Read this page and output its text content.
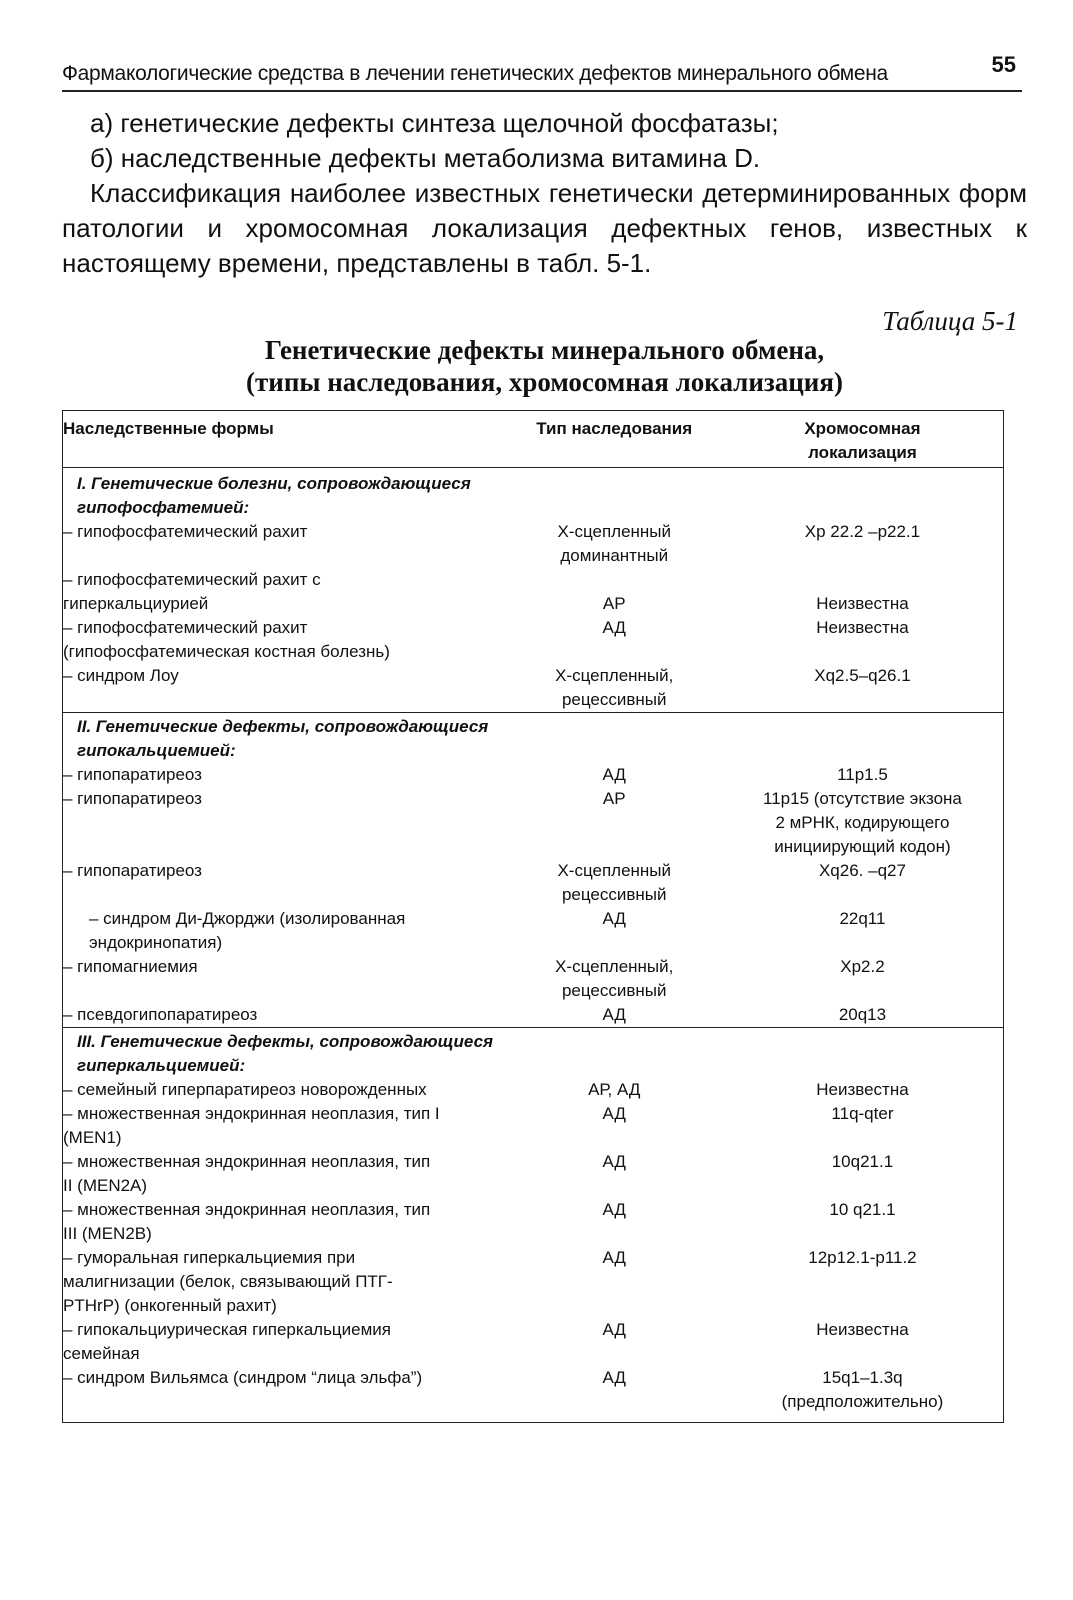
Фармакологические средства в лечении генетических дефектов минерального обмена	55

а) генетические дефекты синтеза щелочной фосфатазы;

б) наследственные дефекты метаболизма витамина D.

Классификация наиболее известных генетически детерминированных форм патологии и хромосомная локализация дефектных генов, известных к настоящему времени, представлены в табл. 5-1.

Таблица 5-1
Генетические дефекты минерального обмена,
(типы наследования, хромосомная локализация)
Наследственные формы	Тип наследования	Хромосомная локализация

I. Генетические болезни, сопровождающиеся гипофосфатемией:		

– гипофосфатемический рахит	Х-сцепленный доминантный	Xp 22.2 –p22.1

– гипофосфатемический рахит с гиперкальциурией	АР	Неизвестна

– гипофосфатемический рахит (гипофосфатемическая костная болезнь)	АД	Неизвестна
– синдром Лоу	Х-сцепленный, рецессивный	Xq2.5–q26.1

II. Генетические дефекты, сопровождающиеся гипокальциемией:		

– гипопаратиреоз	АД	11p1.5
– гипопаратиреоз	АР	11p15 (отсутствие экзона 2 мРНК, кодирующего инициирующий кодон)

– гипопаратиреоз	Х-сцепленный рецессивный	Xq26. –q27

– синдром Ди-Джорджи (изолированная эндокринопатия)	АД	22q11
– гипомагниемия	Х-сцепленный, рецессивный	Xp2.2
– псевдогипопаратиреоз	АД	20q13

III. Генетические дефекты, сопровождающиеся гиперкальциемией:		

– семейный гиперпаратиреоз новорожденных	АР, АД	Неизвестна

– множественная эндокринная неоплазия, тип I (MEN1)	АД	11q-qter

– множественная эндокринная неоплазия, тип II (MEN2A)	АД	10q21.1

– множественная эндокринная неоплазия, тип III (MEN2B)	АД	10 q21.1

– гуморальная гиперкальциемия при малигнизации (белок, связывающий ПТГ-PTHrP) (онкогенный рахит)	АД	12p12.1-p11.2

– гипокальциурическая гиперкальциемия семейная	АД	Неизвестна
– синдром Вильямса (синдром “лица эльфа”)	АД	15q1–1.3q (предположительно)
